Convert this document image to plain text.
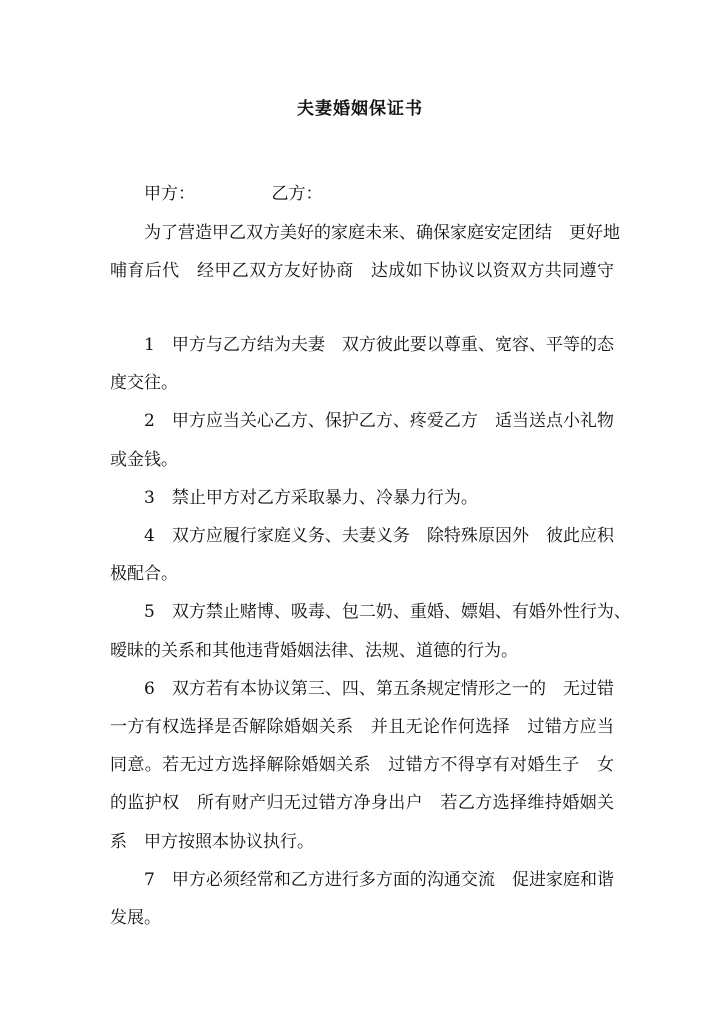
夫妻婚姻保证书
甲方：　　　　　乙方：
为了营造甲乙双方美好的家庭未来、确保家庭安定团结　更好地
哺育后代　经甲乙双方友好协商　达成如下协议以资双方共同遵守
1　甲方与乙方结为夫妻　双方彼此要以尊重、宽容、平等的态
度交往。
2　甲方应当关心乙方、保护乙方、疼爱乙方　适当送点小礼物
或金钱。
3　禁止甲方对乙方采取暴力、冷暴力行为。
4　双方应履行家庭义务、夫妻义务　除特殊原因外　彼此应积
极配合。
5　双方禁止赌博、吸毒、包二奶、重婚、嫖娼、有婚外性行为、
暧昧的关系和其他违背婚姻法律、法规、道德的行为。
6　双方若有本协议第三、四、第五条规定情形之一的　无过错
一方有权选择是否解除婚姻关系　并且无论作何选择　过错方应当
同意。若无过方选择解除婚姻关系　过错方不得享有对婚生子　女
的监护权　所有财产归无过错方净身出户　若乙方选择维持婚姻关
系　甲方按照本协议执行。
7　甲方必须经常和乙方进行多方面的沟通交流　促进家庭和谐
发展。
